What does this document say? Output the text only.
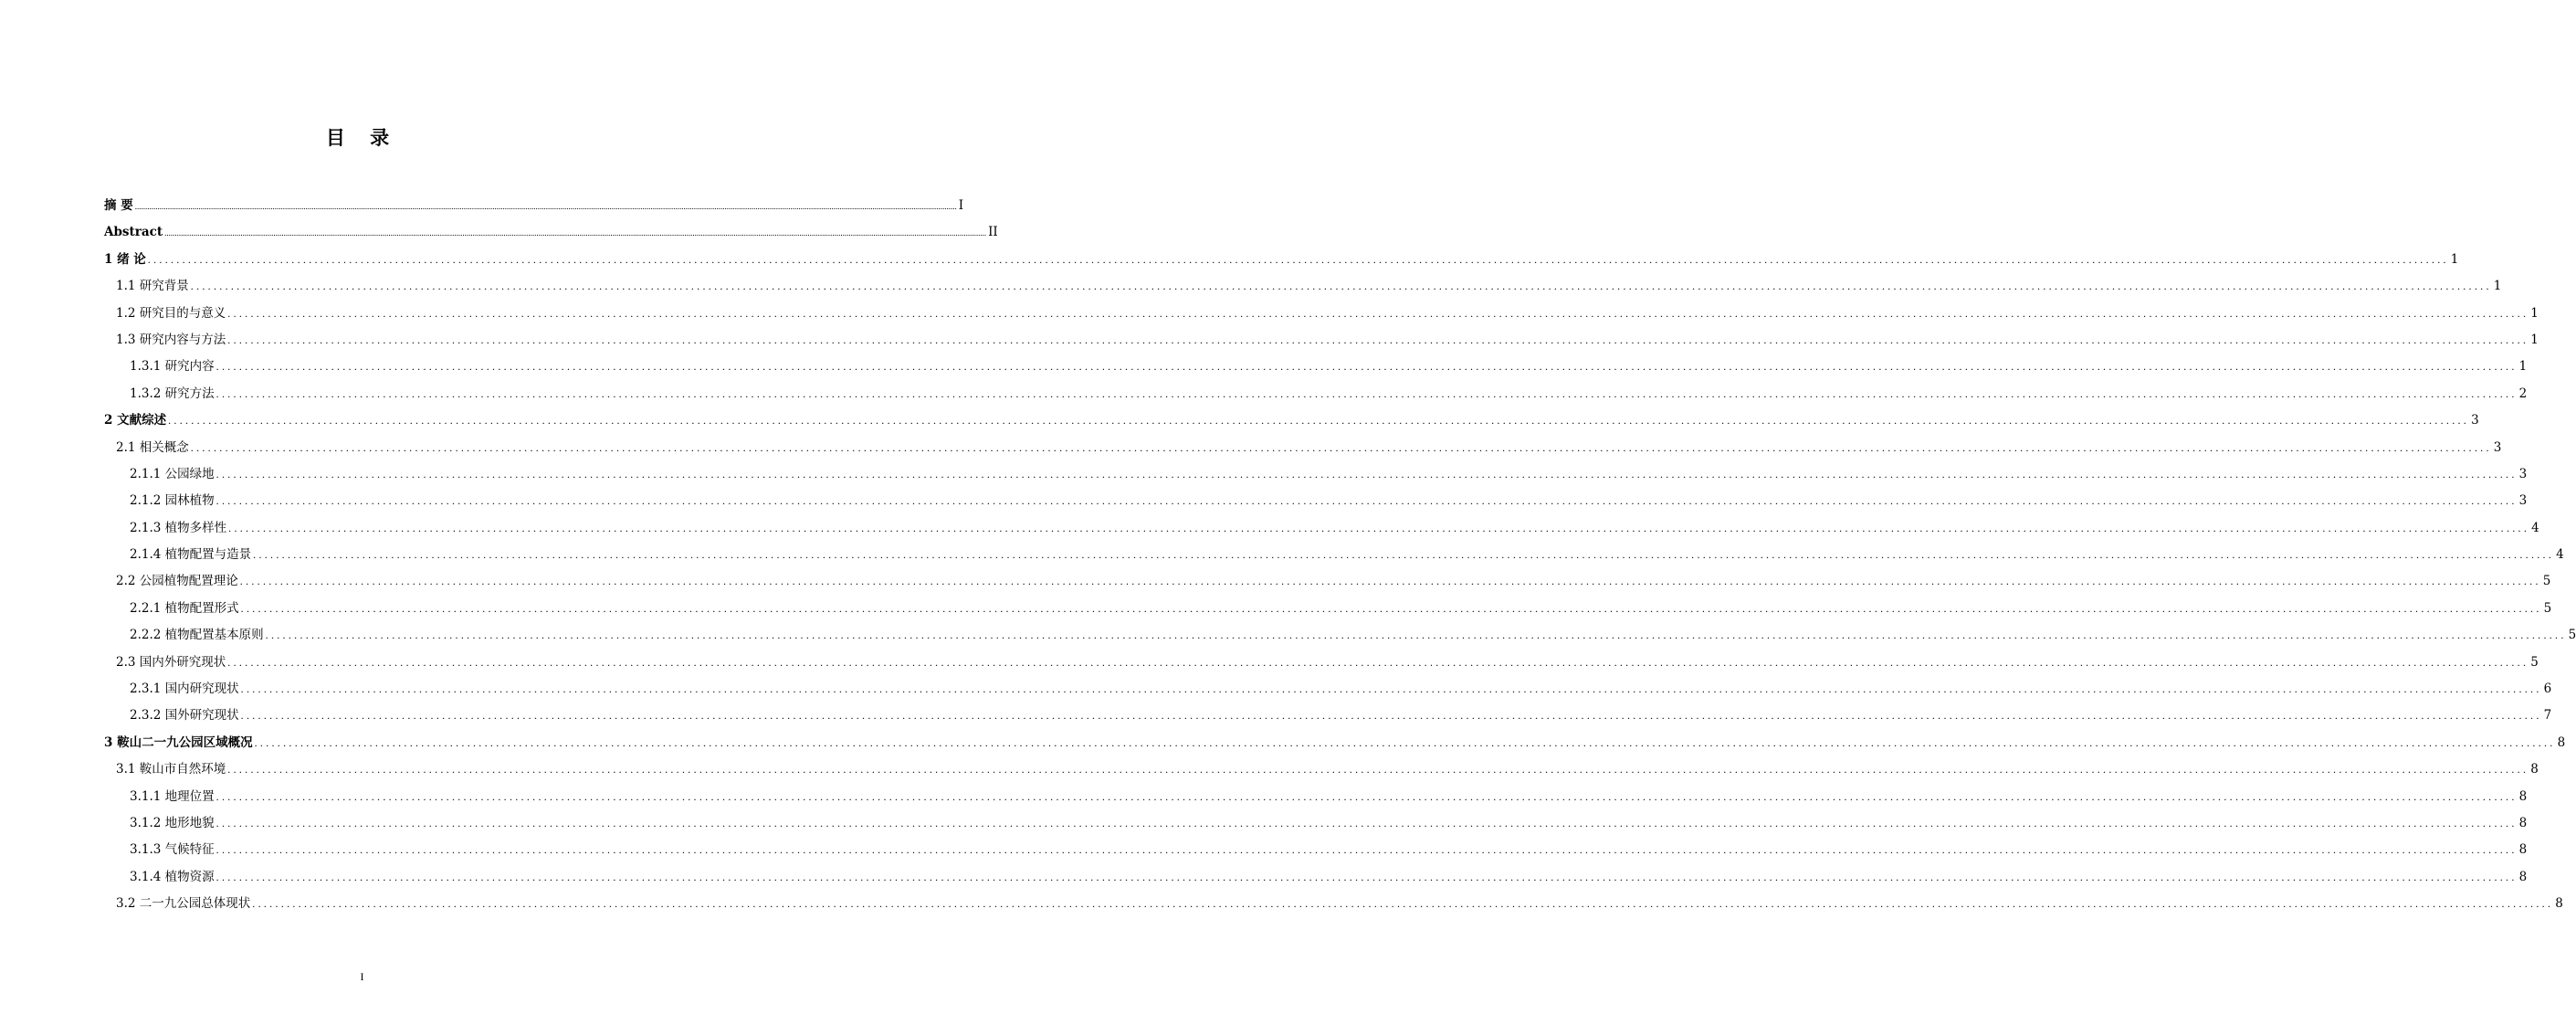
目 录
摘 要 ................................................................................................................................................................................................................................................................................................................................................................................................................ I
Abstract ................................................................................................................................................................................................................................................................................................................................................................................................................ II
1 绪 论 ................................................................................................................................................................................................................................................................................................................................................................................................................ 1
1.1 研究背景 ................................................................................................................................................................................................................................................................................................................................................................................................................ 1
1.2 研究目的与意义 ................................................................................................................................................................................................................................................................................................................................................................................................................ 1
1.3 研究内容与方法 ................................................................................................................................................................................................................................................................................................................................................................................................................ 1
1.3.1 研究内容 ................................................................................................................................................................................................................................................................................................................................................................................................................ 1
1.3.2 研究方法 ................................................................................................................................................................................................................................................................................................................................................................................................................ 2
2 文献综述 ................................................................................................................................................................................................................................................................................................................................................................................................................ 3
2.1 相关概念 ................................................................................................................................................................................................................................................................................................................................................................................................................ 3
2.1.1 公园绿地 ................................................................................................................................................................................................................................................................................................................................................................................................................ 3
2.1.2 园林植物 ................................................................................................................................................................................................................................................................................................................................................................................................................ 3
2.1.3 植物多样性 ................................................................................................................................................................................................................................................................................................................................................................................................................ 4
2.1.4 植物配置与造景 ................................................................................................................................................................................................................................................................................................................................................................................................................ 4
2.2 公园植物配置理论 ................................................................................................................................................................................................................................................................................................................................................................................................................ 5
2.2.1 植物配置形式 ................................................................................................................................................................................................................................................................................................................................................................................................................ 5
2.2.2 植物配置基本原则 ................................................................................................................................................................................................................................................................................................................................................................................................................ 5
2.3 国内外研究现状 ................................................................................................................................................................................................................................................................................................................................................................................................................ 5
2.3.1 国内研究现状 ................................................................................................................................................................................................................................................................................................................................................................................................................ 6
2.3.2 国外研究现状 ................................................................................................................................................................................................................................................................................................................................................................................................................ 7
3 鞍山二一九公园区域概况 ................................................................................................................................................................................................................................................................................................................................................................................................................ 8
3.1 鞍山市自然环境 ................................................................................................................................................................................................................................................................................................................................................................................................................ 8
3.1.1 地理位置 ................................................................................................................................................................................................................................................................................................................................................................................................................ 8
3.1.2 地形地貌 ................................................................................................................................................................................................................................................................................................................................................................................................................ 8
3.1.3 气候特征 ................................................................................................................................................................................................................................................................................................................................................................................................................ 8
3.1.4 植物资源 ................................................................................................................................................................................................................................................................................................................................................................................................................ 8
3.2 二一九公园总体现状 ................................................................................................................................................................................................................................................................................................................................................................................................................ 8
I
